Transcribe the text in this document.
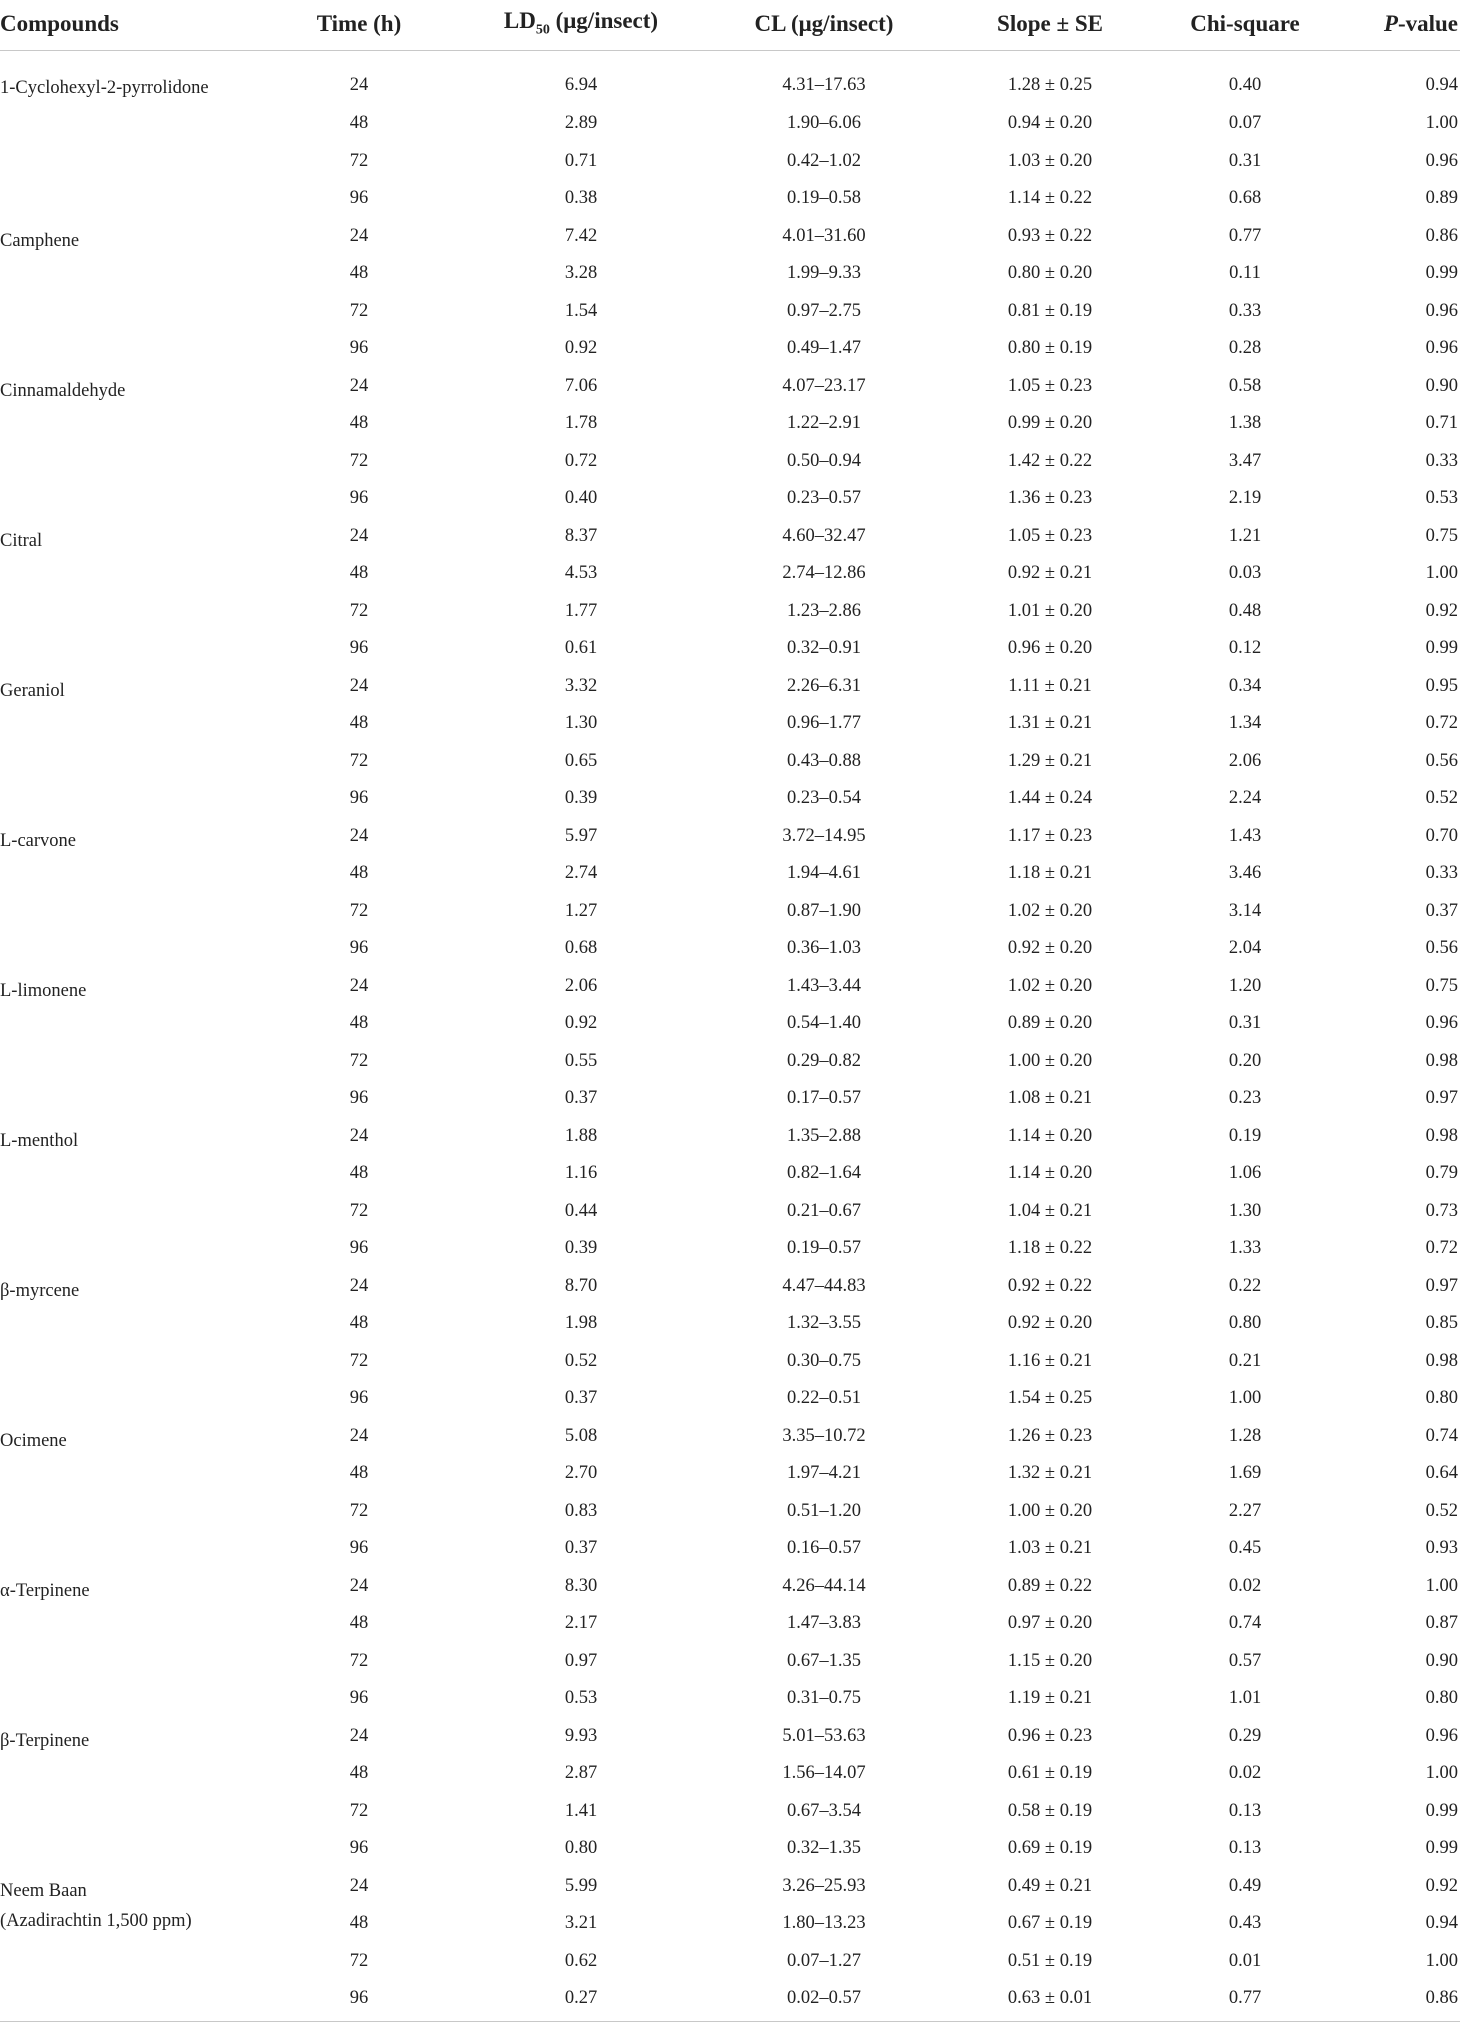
Compounds	Time (h)	$LD_{50}$ (μg/insect)	CL (μg/insect)	Slope ± SE	Chi-square	P-value

1-Cyclohexyl-2-pyrrolidone	24	6.94	4.31–17.63	1.28 ± 0.25	0.40	0.94
	48	2.89	1.90–6.06	0.94 ± 0.20	0.07	1.00
	72	0.71	0.42–1.02	1.03 ± 0.20	0.31	0.96
	96	0.38	0.19–0.58	1.14 ± 0.22	0.68	0.89

Camphene	24	7.42	4.01–31.60	0.93 ± 0.22	0.77	0.86
	48	3.28	1.99–9.33	0.80 ± 0.20	0.11	0.99
	72	1.54	0.97–2.75	0.81 ± 0.19	0.33	0.96
	96	0.92	0.49–1.47	0.80 ± 0.19	0.28	0.96

Cinnamaldehyde	24	7.06	4.07–23.17	1.05 ± 0.23	0.58	0.90
	48	1.78	1.22–2.91	0.99 ± 0.20	1.38	0.71
	72	0.72	0.50–0.94	1.42 ± 0.22	3.47	0.33
	96	0.40	0.23–0.57	1.36 ± 0.23	2.19	0.53

Citral	24	8.37	4.60–32.47	1.05 ± 0.23	1.21	0.75
	48	4.53	2.74–12.86	0.92 ± 0.21	0.03	1.00
	72	1.77	1.23–2.86	1.01 ± 0.20	0.48	0.92
	96	0.61	0.32–0.91	0.96 ± 0.20	0.12	0.99

Geraniol	24	3.32	2.26–6.31	1.11 ± 0.21	0.34	0.95
	48	1.30	0.96–1.77	1.31 ± 0.21	1.34	0.72
	72	0.65	0.43–0.88	1.29 ± 0.21	2.06	0.56
	96	0.39	0.23–0.54	1.44 ± 0.24	2.24	0.52

L-carvone	24	5.97	3.72–14.95	1.17 ± 0.23	1.43	0.70
	48	2.74	1.94–4.61	1.18 ± 0.21	3.46	0.33
	72	1.27	0.87–1.90	1.02 ± 0.20	3.14	0.37
	96	0.68	0.36–1.03	0.92 ± 0.20	2.04	0.56

L-limonene	24	2.06	1.43–3.44	1.02 ± 0.20	1.20	0.75
	48	0.92	0.54–1.40	0.89 ± 0.20	0.31	0.96
	72	0.55	0.29–0.82	1.00 ± 0.20	0.20	0.98
	96	0.37	0.17–0.57	1.08 ± 0.21	0.23	0.97

L-menthol	24	1.88	1.35–2.88	1.14 ± 0.20	0.19	0.98
	48	1.16	0.82–1.64	1.14 ± 0.20	1.06	0.79
	72	0.44	0.21–0.67	1.04 ± 0.21	1.30	0.73
	96	0.39	0.19–0.57	1.18 ± 0.22	1.33	0.72

β-myrcene	24	8.70	4.47–44.83	0.92 ± 0.22	0.22	0.97
	48	1.98	1.32–3.55	0.92 ± 0.20	0.80	0.85
	72	0.52	0.30–0.75	1.16 ± 0.21	0.21	0.98
	96	0.37	0.22–0.51	1.54 ± 0.25	1.00	0.80

Ocimene	24	5.08	3.35–10.72	1.26 ± 0.23	1.28	0.74
	48	2.70	1.97–4.21	1.32 ± 0.21	1.69	0.64
	72	0.83	0.51–1.20	1.00 ± 0.20	2.27	0.52
	96	0.37	0.16–0.57	1.03 ± 0.21	0.45	0.93

α-Terpinene	24	8.30	4.26–44.14	0.89 ± 0.22	0.02	1.00
	48	2.17	1.47–3.83	0.97 ± 0.20	0.74	0.87
	72	0.97	0.67–1.35	1.15 ± 0.20	0.57	0.90
	96	0.53	0.31–0.75	1.19 ± 0.21	1.01	0.80

β-Terpinene	24	9.93	5.01–53.63	0.96 ± 0.23	0.29	0.96
	48	2.87	1.56–14.07	0.61 ± 0.19	0.02	1.00
	72	1.41	0.67–3.54	0.58 ± 0.19	0.13	0.99
	96	0.80	0.32–1.35	0.69 ± 0.19	0.13	0.99

Neem Baan
(Azadirachtin 1,500 ppm)	24	5.99	3.26–25.93	0.49 ± 0.21	0.49	0.92
	48	3.21	1.80–13.23	0.67 ± 0.19	0.43	0.94
	72	0.62	0.07–1.27	0.51 ± 0.19	0.01	1.00
	96	0.27	0.02–0.57	0.63 ± 0.01	0.77	0.86
